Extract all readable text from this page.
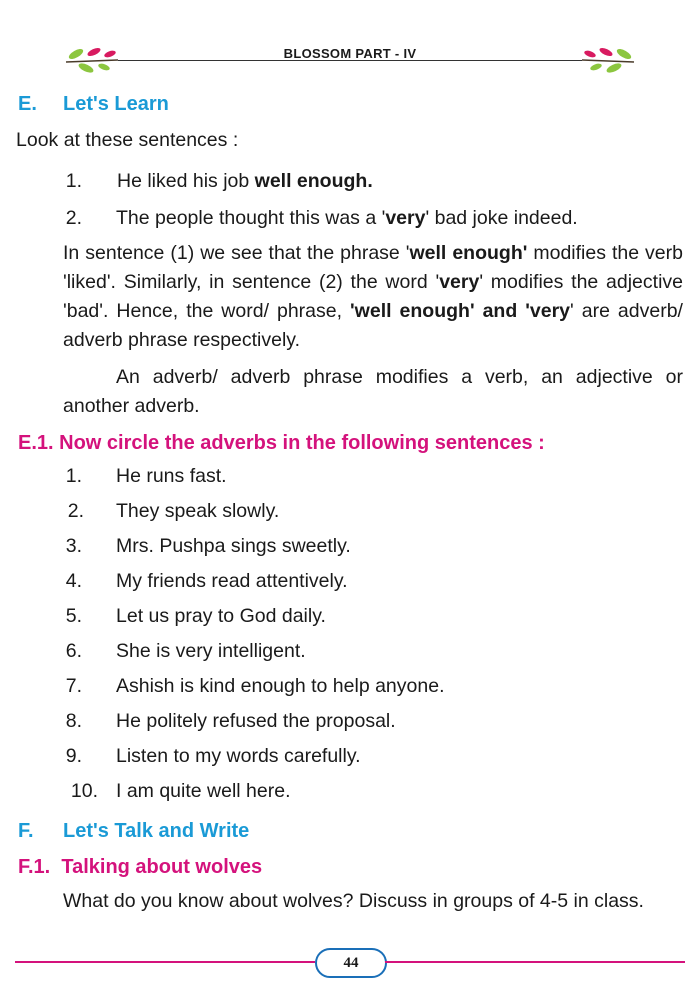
BLOSSOM PART - IV
E. Let's Learn
Look at these sentences :
1. He liked his job well enough.
2. The people thought this was a 'very' bad joke indeed.
In sentence (1) we see that the phrase 'well enough' modifies the verb 'liked'. Similarly, in sentence (2) the word 'very' modifies the adjective 'bad'. Hence, the word/ phrase, 'well enough' and 'very' are adverb/ adverb phrase respectively.
An adverb/ adverb phrase modifies a verb, an adjective or another adverb.
E.1. Now circle the adverbs in the following sentences :
1. He runs fast.
2. They speak slowly.
3. Mrs. Pushpa sings sweetly.
4. My friends read attentively.
5. Let us pray to God daily.
6. She is very intelligent.
7. Ashish is kind enough to help anyone.
8. He politely refused the proposal.
9. Listen to my words carefully.
10. I am quite well here.
F. Let's Talk and Write
F.1.  Talking about wolves
What do you know about wolves? Discuss in groups of 4-5 in class.
44
